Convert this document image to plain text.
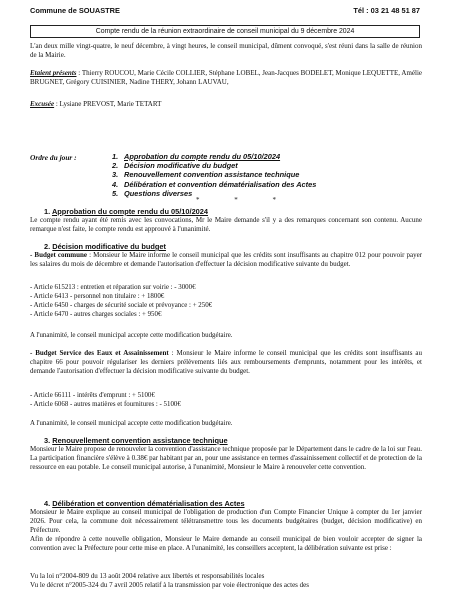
Commune de SOUASTRE	Tél : 03 21 48 51 87
Compte rendu de la réunion extraordinaire de conseil municipal du 9 décembre 2024
L'an deux mille vingt-quatre, le neuf décembre, à vingt heures, le conseil municipal, dûment convoqué, s'est réuni dans la salle de réunion de la Mairie.
Etaient présents : Thierry ROUCOU, Marie Cécile COLLIER, Stéphane LOBEL, Jean-Jacques BODELET, Monique LEQUETTE, Amélie BRUGNET, Grégory CUISINIER, Nadine THERY, Johann LAUVAU,
Excusée : Lysiane PREVOST, Marie TETART
Ordre du jour :	1. Approbation du compte rendu du 05/10/2024
2. Décision modificative du budget
3. Renouvellement convention assistance technique
4. Délibération et convention dématérialisation des Actes
5. Questions diverses
*	*	*
1. Approbation du compte rendu du 05/10/2024
Le compte rendu ayant été remis avec les convocations, Mr le Maire demande s'il y a des remarques concernant son contenu. Aucune remarque n'est faite, le compte rendu est approuvé à l'unanimité.
2. Décision modificative du budget
- Budget commune : Monsieur le Maire informe le conseil municipal que les crédits sont insuffisants au chapitre 012 pour pouvoir payer les salaires du mois de décembre et demande l'autorisation d'effectuer la décision modificative suivante du budget.
- Article 615213 : entretien et réparation sur voirie : - 3000€
- Article 6413 - personnel non titulaire : + 1800€
- Article 6450 - charges de sécurité sociale et prévoyance : + 250€
- Article 6470 - autres charges sociales : + 950€
A l'unanimité, le conseil municipal accepte cette modification budgétaire.
- Budget Service des Eaux et Assainissement : Monsieur le Maire informe le conseil municipal que les crédits sont insuffisants au chapitre 66 pour pouvoir régulariser les derniers prélèvements liés aux remboursements d'emprunts, notamment pour les intérêts, et demande l'autorisation d'effectuer la décision modificative suivante du budget.
- Article 66111 - intérêts d'emprunt : + 5100€
- Article 6068 - autres matières et fournitures : - 5100€
A l'unanimité, le conseil municipal accepte cette modification budgétaire.
3. Renouvellement convention assistance technique
Monsieur le Maire propose de renouveler la convention d'assistance technique proposée par le Département dans le cadre de la loi sur l'eau. La participation financière s'élève à 0.38€ par habitant par an, pour une assistance en termes d'assainissement collectif et de protection de la ressource en eau potable. Le conseil municipal autorise, à l'unanimité, Monsieur le Maire à renouveler cette convention.
4. Délibération et convention dématérialisation des Actes
Monsieur le Maire explique au conseil municipal de l'obligation de production d'un Compte Financier Unique à compter du 1er janvier 2026. Pour cela, la commune doit nécessairement télétransmettre tous les documents budgétaires (budget, décision modificative) en Préfecture.
Afin de répondre à cette nouvelle obligation, Monsieur le Maire demande au conseil municipal de bien vouloir accepter de signer la convention avec la Préfecture pour cette mise en place. A l'unanimité, les conseillers acceptent, la délibération suivante est prise :
Vu la loi n°2004-809 du 13 août 2004 relative aux libertés et responsabilités locales
Vu le décret n°2005-324 du 7 avril 2005 relatif à la transmission par voie électronique des actes des
